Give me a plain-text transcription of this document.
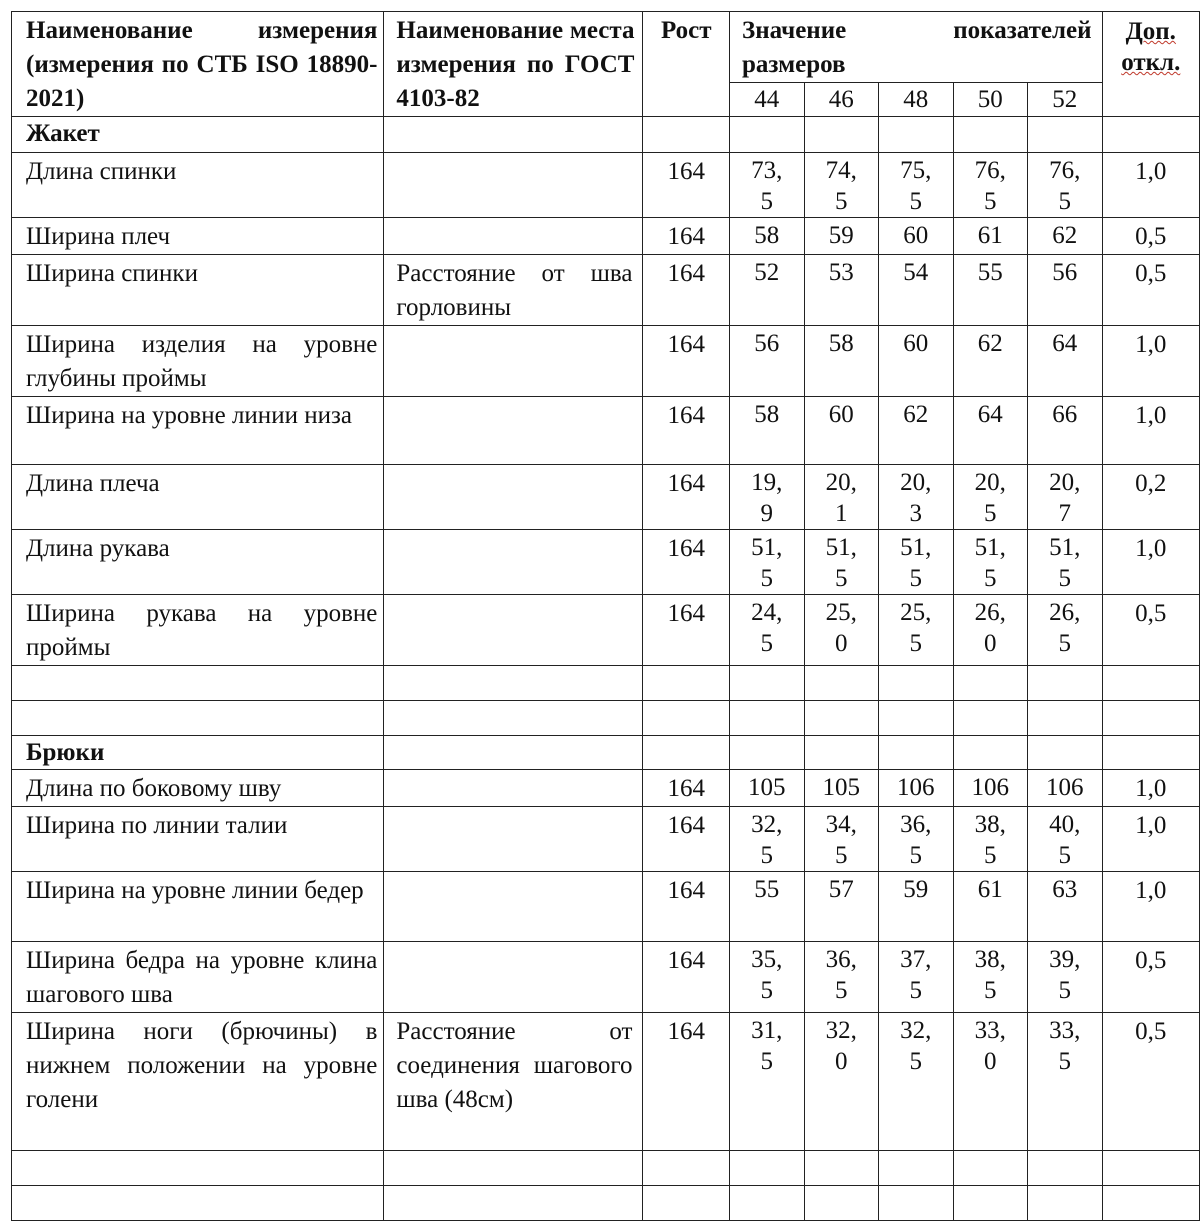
Наименование измерения (измерения по СТБ ISO 18890-2021)	Наименование места измерения по ГОСТ 4103-82	Рост	Значение показателей размеров					Доп. откл.
			44	46	48	50	52	
Жакет								
Длина спинки		164	73, 5	74, 5	75, 5	76, 5	76, 5	1,0
Ширина плеч		164	58	59	60	61	62	0,5
Ширина спинки	Расстояние от шва горловины	164	52	53	54	55	56	0,5
Ширина изделия на уровне глубины проймы		164	56	58	60	62	64	1,0
Ширина на уровне линии низа		164	58	60	62	64	66	1,0
Длина плеча		164	19, 9	20, 1	20, 3	20, 5	20, 7	0,2
Длина рукава		164	51, 5	51, 5	51, 5	51, 5	51, 5	1,0
Ширина рукава на уровне проймы		164	24, 5	25, 0	25, 5	26, 0	26, 5	0,5

Брюки								
Длина по боковому шву		164	105	105	106	106	106	1,0
Ширина по линии талии		164	32, 5	34, 5	36, 5	38, 5	40, 5	1,0
Ширина на уровне линии бедер		164	55	57	59	61	63	1,0
Ширина бедра на уровне клина шагового шва		164	35, 5	36, 5	37, 5	38, 5	39, 5	0,5
Ширина ноги (брючины) в нижнем положении на уровне голени	Расстояние от соединения шагового шва (48см)	164	31, 5	32, 0	32, 5	33, 0	33, 5	0,5
